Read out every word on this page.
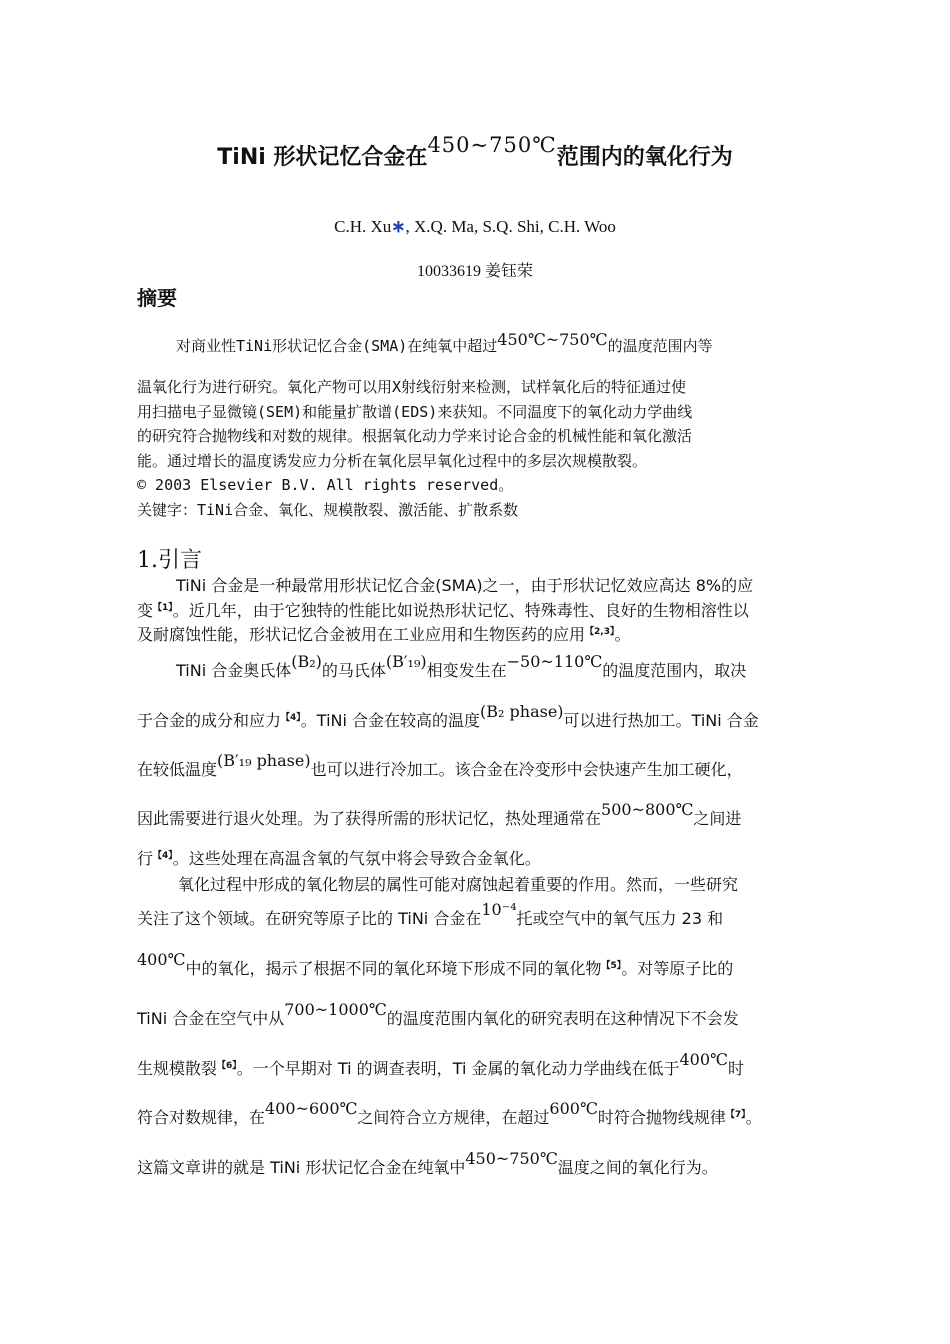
TiNi 形状记忆合金在450~750℃范围内的氧化行为
C.H. Xu∗, X.Q. Ma, S.Q. Shi, C.H. Woo
10033619 姜钰荣
摘要
对商业性TiNi形状记忆合金(SMA)在纯氧中超过450℃~750℃的温度范围内等
温氧化行为进行研究。氧化产物可以用X射线衍射来检测，试样氧化后的特征通过使
用扫描电子显微镜(SEM)和能量扩散谱(EDS)来获知。不同温度下的氧化动力学曲线
的研究符合抛物线和对数的规律。根据氧化动力学来讨论合金的机械性能和氧化激活
能。通过增长的温度诱发应力分析在氧化层早氧化过程中的多层次规模散裂。
© 2003 Elsevier B.V. All rights reserved。
关键字：TiNi合金、氧化、规模散裂、激活能、扩散系数
1.引言
TiNi 合金是一种最常用形状记忆合金(SMA)之一，由于形状记忆效应高达 8%的应
变$^{【1】}$。近几年，由于它独特的性能比如说热形状记忆、特殊毒性、良好的生物相溶性以
及耐腐蚀性能，形状记忆合金被用在工业应用和生物医药的应用$^{【2,3】}$。
TiNi 合金奥氏体(B₂)的马氏体(B′₁₉)相变发生在−50~110℃的温度范围内，取决
于合金的成分和应力$^{【4】}$。TiNi 合金在较高的温度(B₂ phase)可以进行热加工。TiNi 合金
在较低温度(B′₁₉ phase)也可以进行冷加工。该合金在冷变形中会快速产生加工硬化，
因此需要进行退火处理。为了获得所需的形状记忆，热处理通常在500~800℃之间进
行$^{【4】}$。这些处理在高温含氧的气氛中将会导致合金氧化。
氧化过程中形成的氧化物层的属性可能对腐蚀起着重要的作用。然而，一些研究
关注了这个领域。在研究等原子比的 TiNi 合金在10⁻⁴托或空气中的氧气压力 23 和
400℃中的氧化，揭示了根据不同的氧化环境下形成不同的氧化物$^{【5】}$。对等原子比的
TiNi 合金在空气中从700~1000℃的温度范围内氧化的研究表明在这种情况下不会发
生规模散裂$^{【6】}$。一个早期对 Ti 的调查表明，Ti 金属的氧化动力学曲线在低于400℃时
符合对数规律，在400~600℃之间符合立方规律，在超过600℃时符合抛物线规律$^{【7】}$。
这篇文章讲的就是 TiNi 形状记忆合金在纯氧中450~750℃温度之间的氧化行为。
